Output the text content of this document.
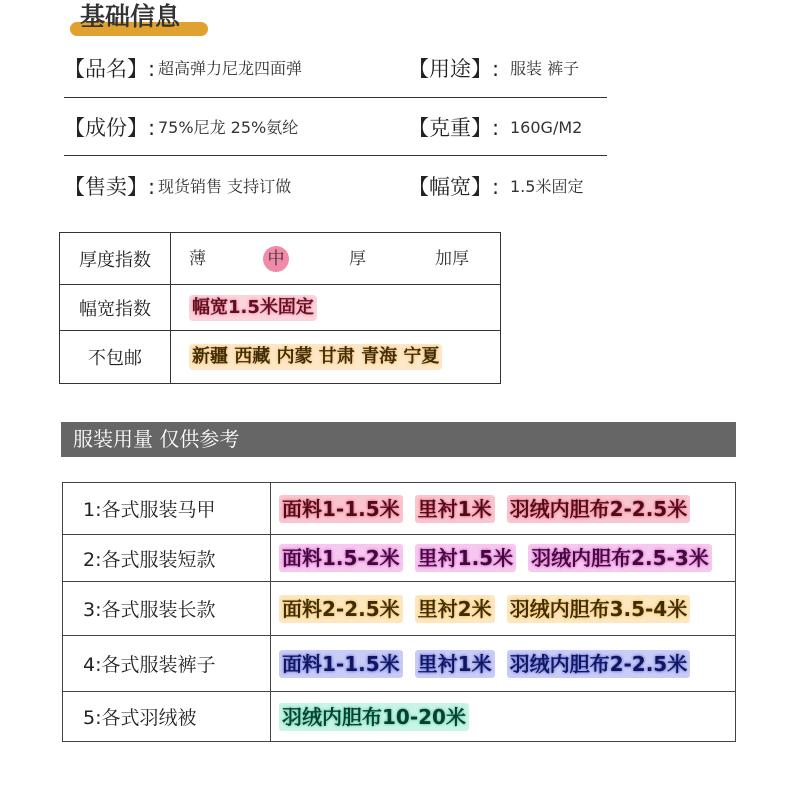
基础信息
【品名】: 超高弹力尼龙四面弹	【用途】: 服装 裤子
【成份】: 75%尼龙 25%氨纶	【克重】: 160G/M2
【售卖】: 现货销售 支持订做	【幅宽】: 1.5米固定
厚度指数	薄 中 厚 加厚

幅宽指数	幅宽1.5米固定
不包邮	新疆 西藏 内蒙 甘肃 青海 宁夏
服装用量 仅供参考
1:各式服装马甲	面料1-1.5米 里衬1米 羽绒内胆布2-2.5米
2:各式服装短款	面料1.5-2米 里衬1.5米 羽绒内胆布2.5-3米
3:各式服装长款	面料2-2.5米 里衬2米 羽绒内胆布3.5-4米
4:各式服装裤子	面料1-1.5米 里衬1米 羽绒内胆布2-2.5米
5:各式羽绒被	羽绒内胆布10-20米
